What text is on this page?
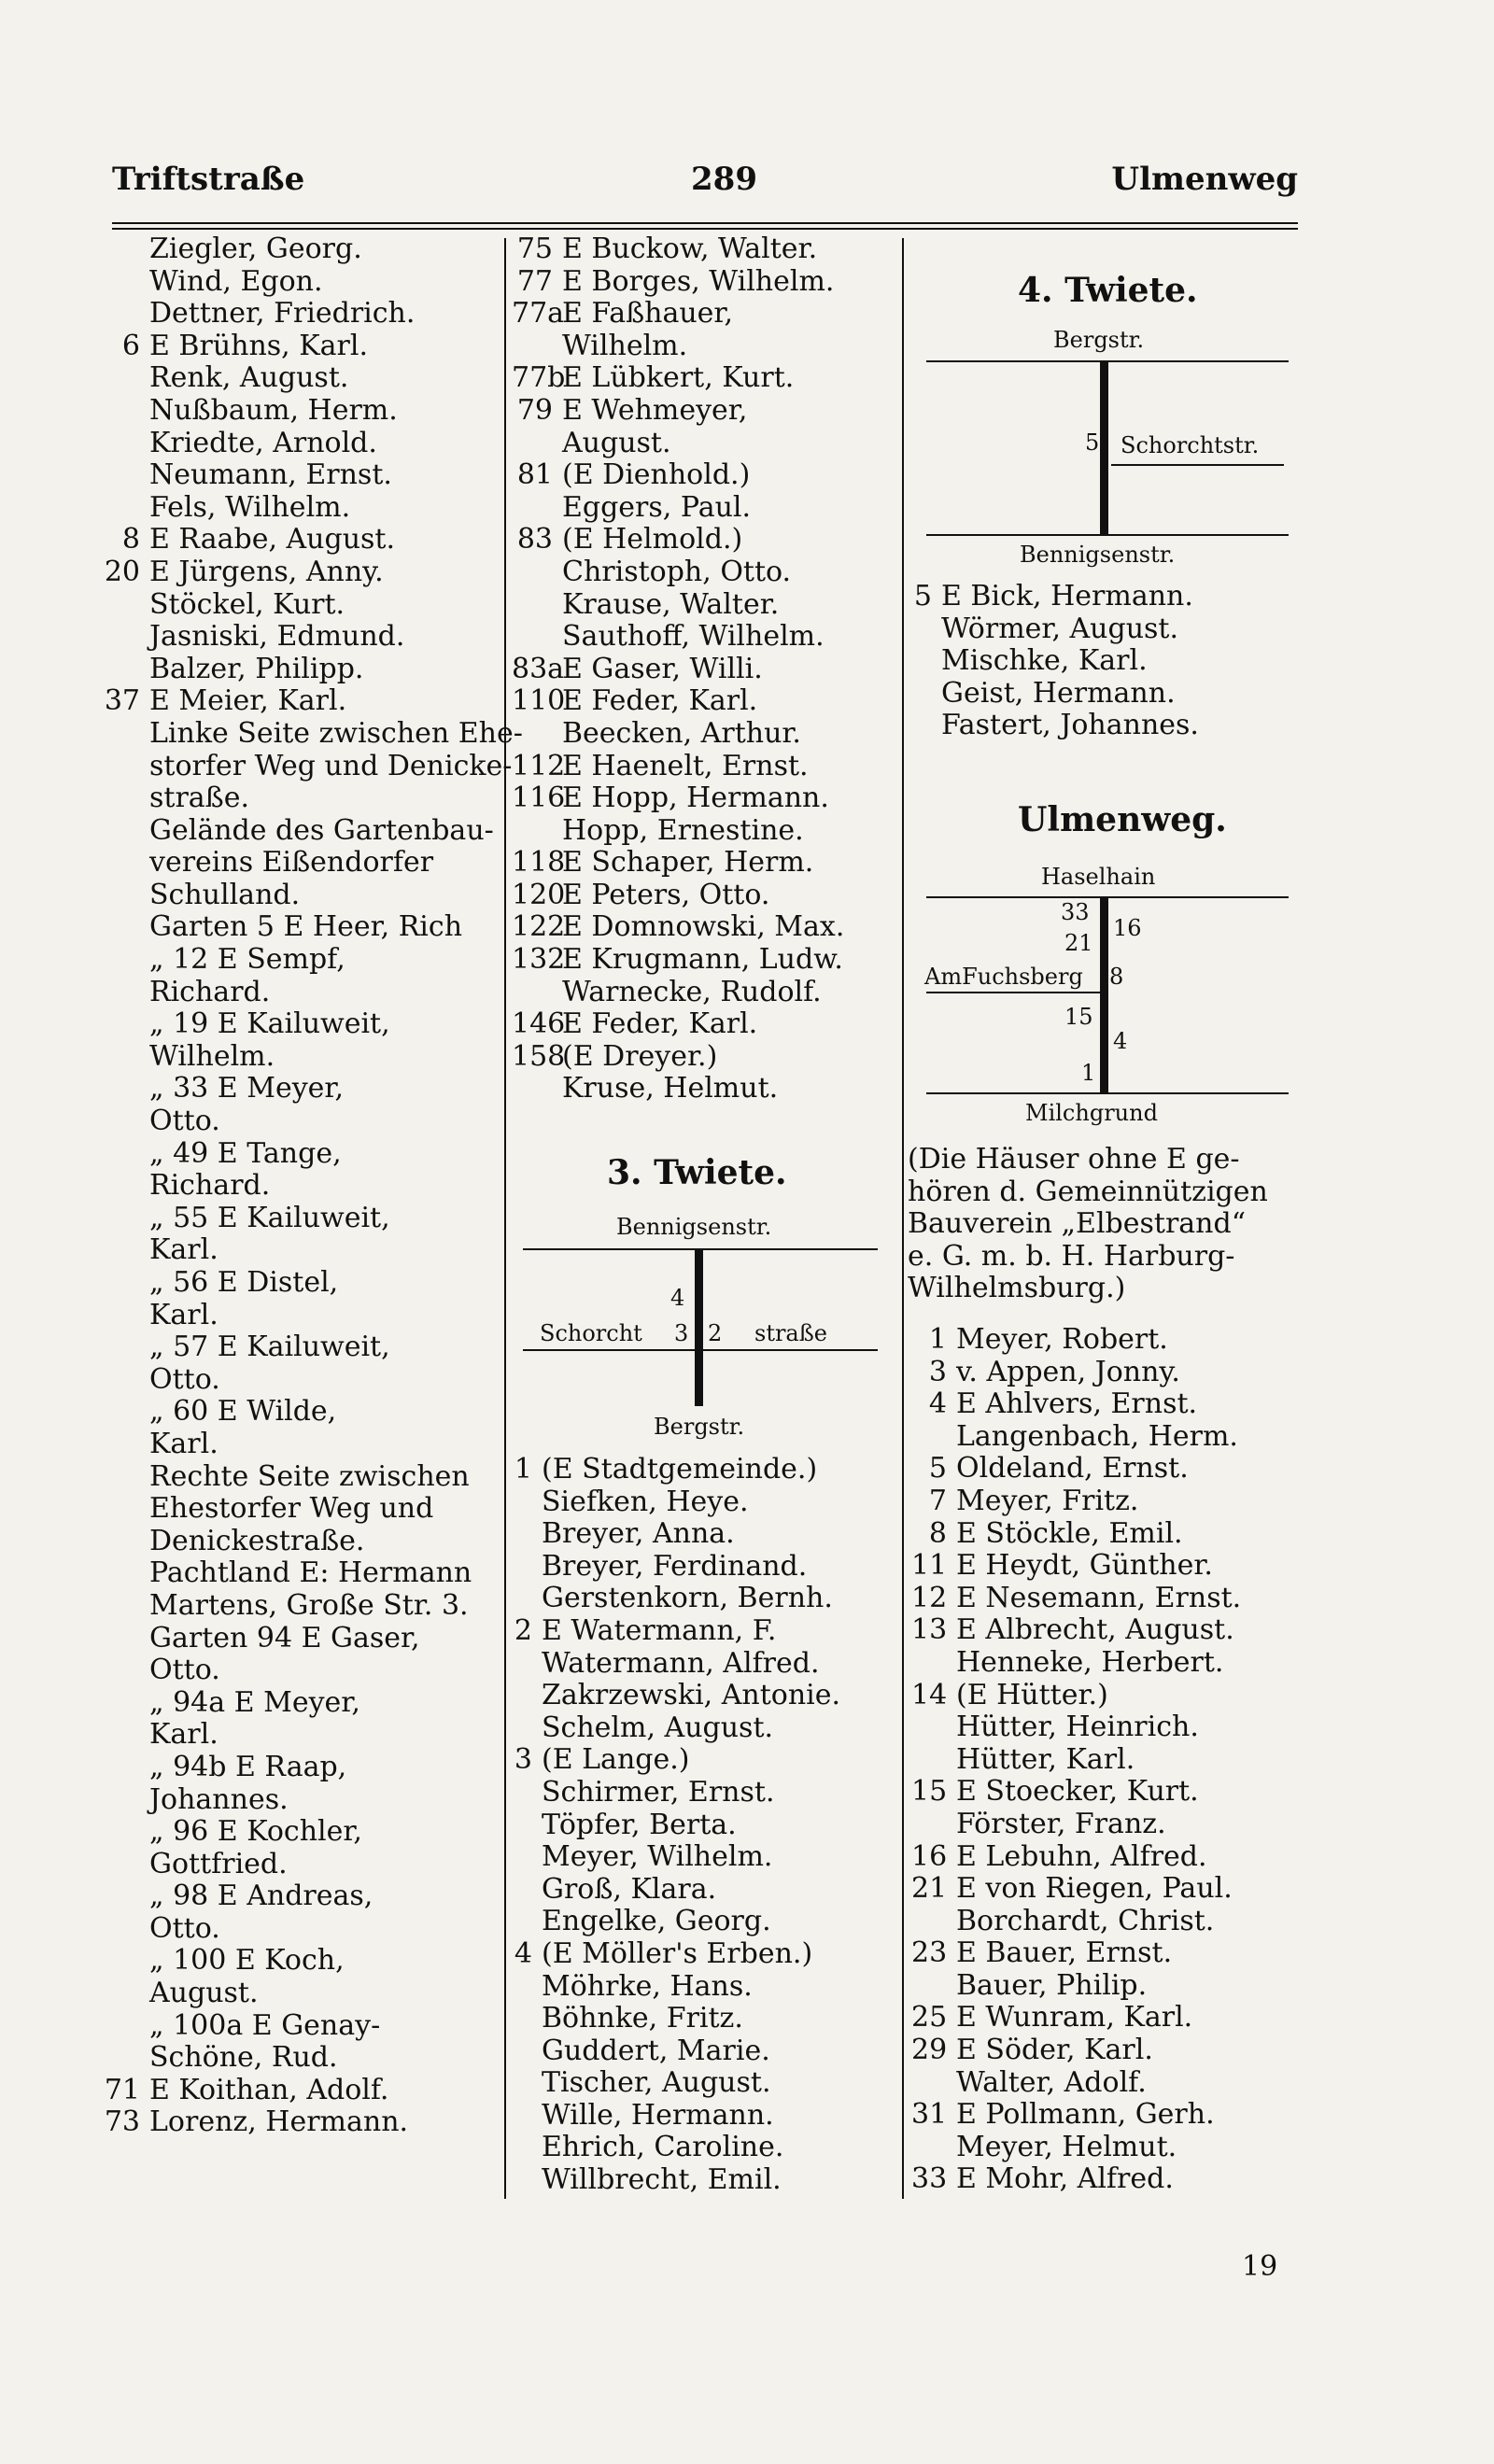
Triftstraße	289	Ulmenweg
Ziegler, Georg.
Wind, Egon.
Dettner, Friedrich.
6 E Brühns, Karl.
Renk, August.
Nußbaum, Herm.
Kriedte, Arnold.
Neumann, Ernst.
Fels, Wilhelm.
8 E Raabe, August.
20 E Jürgens, Anny.
Stöckel, Kurt.
Jasniski, Edmund.
Balzer, Philipp.
37 E Meier, Karl.
Linke Seite zwischen Ehe-
storfer Weg und Denicke-
straße.
Gelände des Gartenbau-
vereins Eißendorfer
Schulland.
Garten 5 E Heer, Rich
„ 12 E Sempf,
Richard.
„ 19 E Kailuweit,
Wilhelm.
„ 33 E Meyer,
Otto.
„ 49 E Tange,
Richard.
„ 55 E Kailuweit,
Karl.
„ 56 E Distel,
Karl.
„ 57 E Kailuweit,
Otto.
„ 60 E Wilde,
Karl.
Rechte Seite zwischen
Ehestorfer Weg und
Denickestraße.
Pachtland E: Hermann
Martens, Große Str. 3.
Garten 94 E Gaser,
Otto.
„ 94a E Meyer,
Karl.
„ 94b E Raap,
Johannes.
„ 96 E Kochler,
Gottfried.
„ 98 E Andreas,
Otto.
„ 100 E Koch,
August.
„ 100a E Genay-
Schöne, Rud.
71 E Koithan, Adolf.
73 Lorenz, Hermann.
75 E Buckow, Walter.
77 E Borges, Wilhelm.
77aE Faßhauer,
Wilhelm.
77bE Lübkert, Kurt.
79 E Wehmeyer,
August.
81 (E Dienhold.)
Eggers, Paul.
83 (E Helmold.)
Christoph, Otto.
Krause, Walter.
Sauthoff, Wilhelm.
83aE Gaser, Willi.
110E Feder, Karl.
Beecken, Arthur.
112E Haenelt, Ernst.
116E Hopp, Hermann.
Hopp, Ernestine.
118E Schaper, Herm.
120E Peters, Otto.
122E Domnowski, Max.
132E Krugmann, Ludw.
Warnecke, Rudolf.
146E Feder, Karl.
158(E Dreyer.)
Kruse, Helmut.
3. Twiete.
Bennigsenstr.
4
Schorcht 3 2 straße
Bergstr.
1 (E Stadtgemeinde.)
Siefken, Heye.
Breyer, Anna.
Breyer, Ferdinand.
Gerstenkorn, Bernh.
2 E Watermann, F.
Watermann, Alfred.
Zakrzewski, Antonie.
Schelm, August.
3 (E Lange.)
Schirmer, Ernst.
Töpfer, Berta.
Meyer, Wilhelm.
Groß, Klara.
Engelke, Georg.
4 (E Möller's Erben.)
Möhrke, Hans.
Böhnke, Fritz.
Guddert, Marie.
Tischer, August.
Wille, Hermann.
Ehrich, Caroline.
Willbrecht, Emil.
4. Twiete.
Bergstr.
5 Schorchtstr.
Bennigsenstr.
5 E Bick, Hermann.
Wörmer, August.
Mischke, Karl.
Geist, Hermann.
Fastert, Johannes.
Ulmenweg.
Haselhain
33
16
21
AmFuchsberg 8
15
4
1
Milchgrund
(Die Häuser ohne E ge-
hören d. Gemeinnützigen
Bauverein „Elbestrand“
e. G. m. b. H. Harburg-
Wilhelmsburg.)
1 Meyer, Robert.
3 v. Appen, Jonny.
4 E Ahlvers, Ernst.
Langenbach, Herm.
5 Oldeland, Ernst.
7 Meyer, Fritz.
8 E Stöckle, Emil.
11 E Heydt, Günther.
12 E Nesemann, Ernst.
13 E Albrecht, August.
Henneke, Herbert.
14 (E Hütter.)
Hütter, Heinrich.
Hütter, Karl.
15 E Stoecker, Kurt.
Förster, Franz.
16 E Lebuhn, Alfred.
21 E von Riegen, Paul.
Borchardt, Christ.
23 E Bauer, Ernst.
Bauer, Philip.
25 E Wunram, Karl.
29 E Söder, Karl.
Walter, Adolf.
31 E Pollmann, Gerh.
Meyer, Helmut.
33 E Mohr, Alfred.
19
